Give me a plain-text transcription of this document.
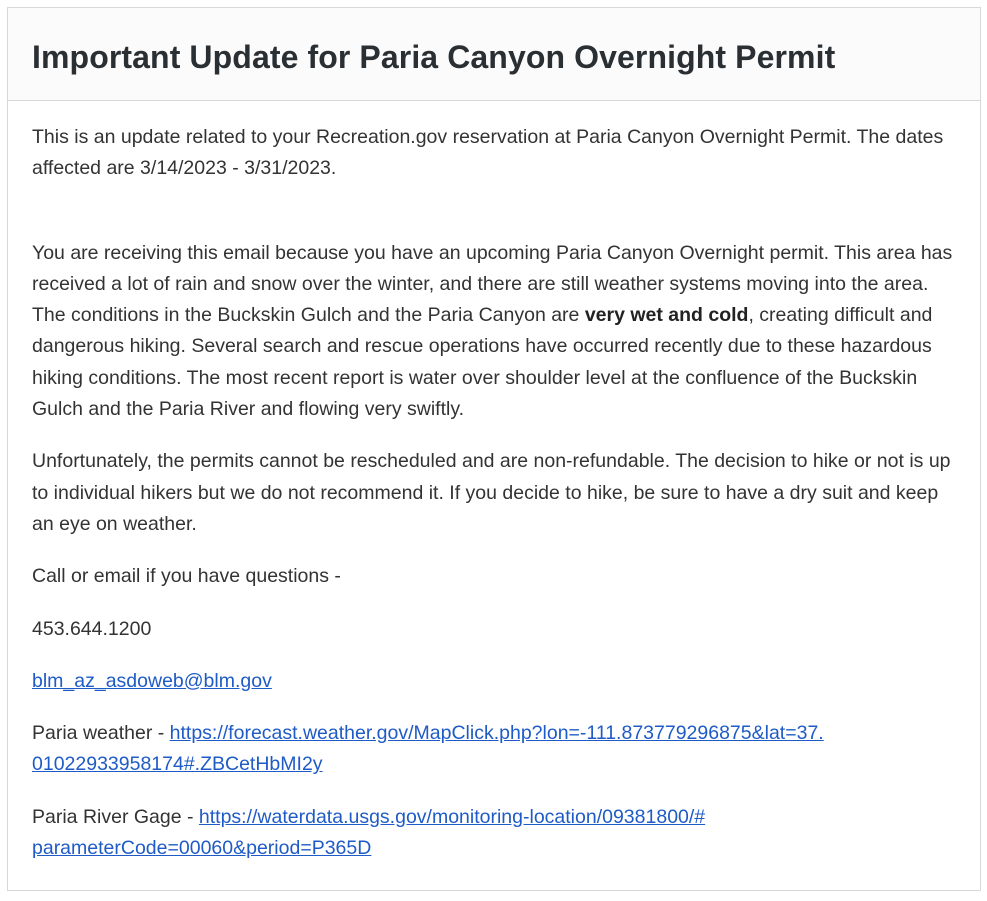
Important Update for Paria Canyon Overnight Permit

This is an update related to your Recreation.gov reservation at Paria Canyon Overnight Permit. The dates affected are 3/14/2023 - 3/31/2023.

You are receiving this email because you have an upcoming Paria Canyon Overnight permit. This area has received a lot of rain and snow over the winter, and there are still weather systems moving into the area. The conditions in the Buckskin Gulch and the Paria Canyon are very wet and cold, creating difficult and dangerous hiking. Several search and rescue operations have occurred recently due to these hazardous hiking conditions. The most recent report is water over shoulder level at the confluence of the Buckskin Gulch and the Paria River and flowing very swiftly.

Unfortunately, the permits cannot be rescheduled and are non-refundable. The decision to hike or not is up to individual hikers but we do not recommend it. If you decide to hike, be sure to have a dry suit and keep an eye on weather.

Call or email if you have questions -

453.644.1200

blm_az_asdoweb@blm.gov

Paria weather - https://forecast.weather.gov/MapClick.php?lon=-111.873779296875&lat=37.
01022933958174#.ZBCetHbMI2y

Paria River Gage - https://waterdata.usgs.gov/monitoring-location/09381800/#
parameterCode=00060&period=P365D
